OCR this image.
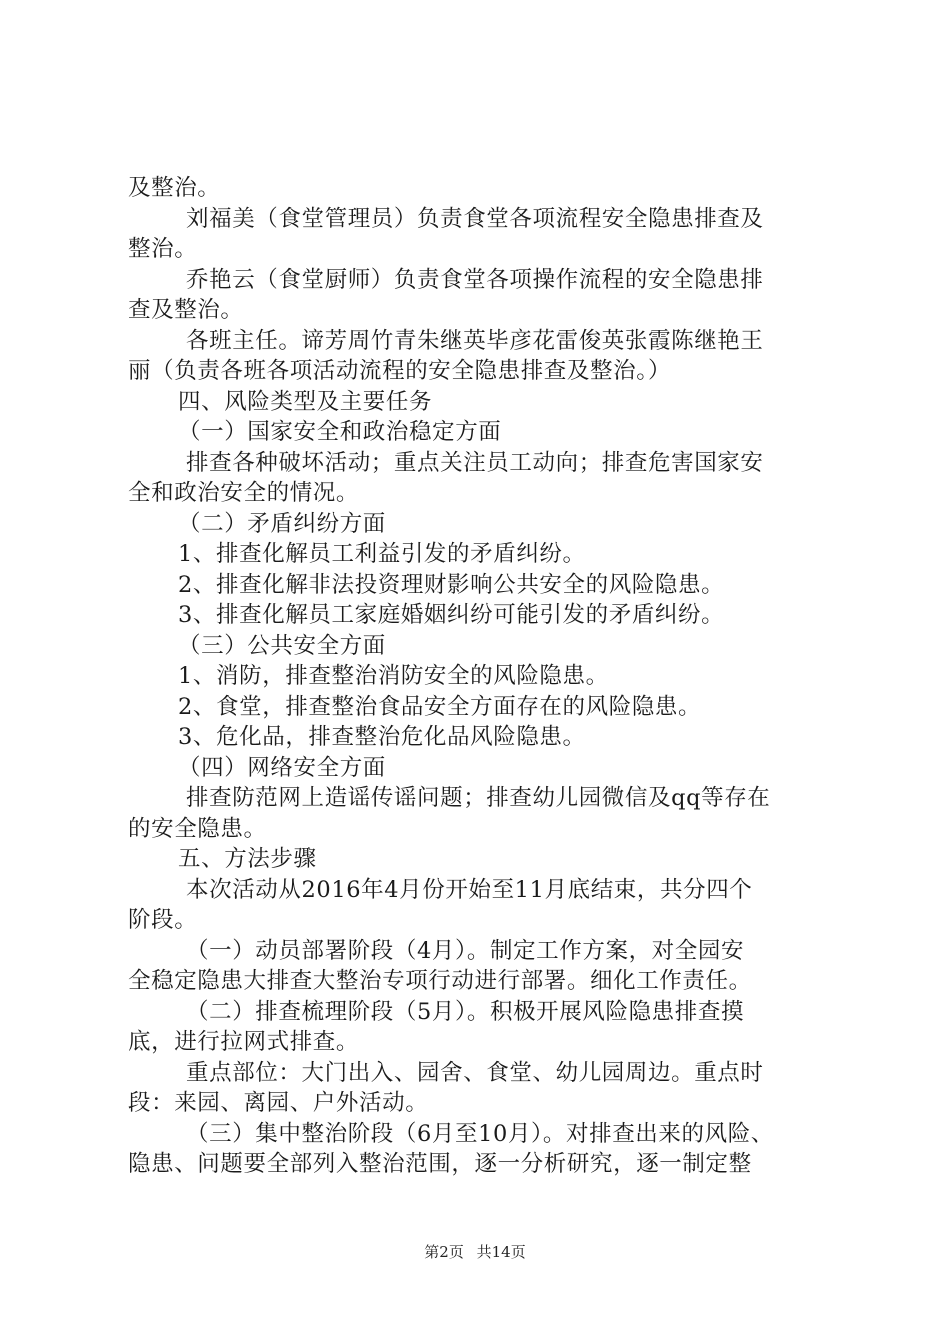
及整治。
刘福美（食堂管理员）负责食堂各项流程安全隐患排查及
整治。
乔艳云（食堂厨师）负责食堂各项操作流程的安全隐患排
查及整治。
各班主任。谛芳周竹青朱继英毕彦花雷俊英张霞陈继艳王
丽（负责各班各项活动流程的安全隐患排查及整治。）
四、风险类型及主要任务
（一）国家安全和政治稳定方面
排查各种破坏活动；重点关注员工动向；排查危害国家安
全和政治安全的情况。
（二）矛盾纠纷方面
1、排查化解员工利益引发的矛盾纠纷。
2、排查化解非法投资理财影响公共安全的风险隐患。
3、排查化解员工家庭婚姻纠纷可能引发的矛盾纠纷。
（三）公共安全方面
1、消防，排查整治消防安全的风险隐患。
2、食堂，排查整治食品安全方面存在的风险隐患。
3、危化品，排查整治危化品风险隐患。
（四）网络安全方面
排查防范网上造谣传谣问题；排查幼儿园微信及qq等存在
的安全隐患。
五、方法步骤
本次活动从2016年4月份开始至11月底结束，共分四个
阶段。
（一）动员部署阶段（4月）。制定工作方案，对全园安
全稳定隐患大排查大整治专项行动进行部署。细化工作责任。
（二）排查梳理阶段（5月）。积极开展风险隐患排查摸
底，进行拉网式排查。
重点部位：大门出入、园舍、食堂、幼儿园周边。重点时
段：来园、离园、户外活动。
（三）集中整治阶段（6月至10月）。对排查出来的风险、
隐患、问题要全部列入整治范围，逐一分析研究，逐一制定整
第2页 共14页
